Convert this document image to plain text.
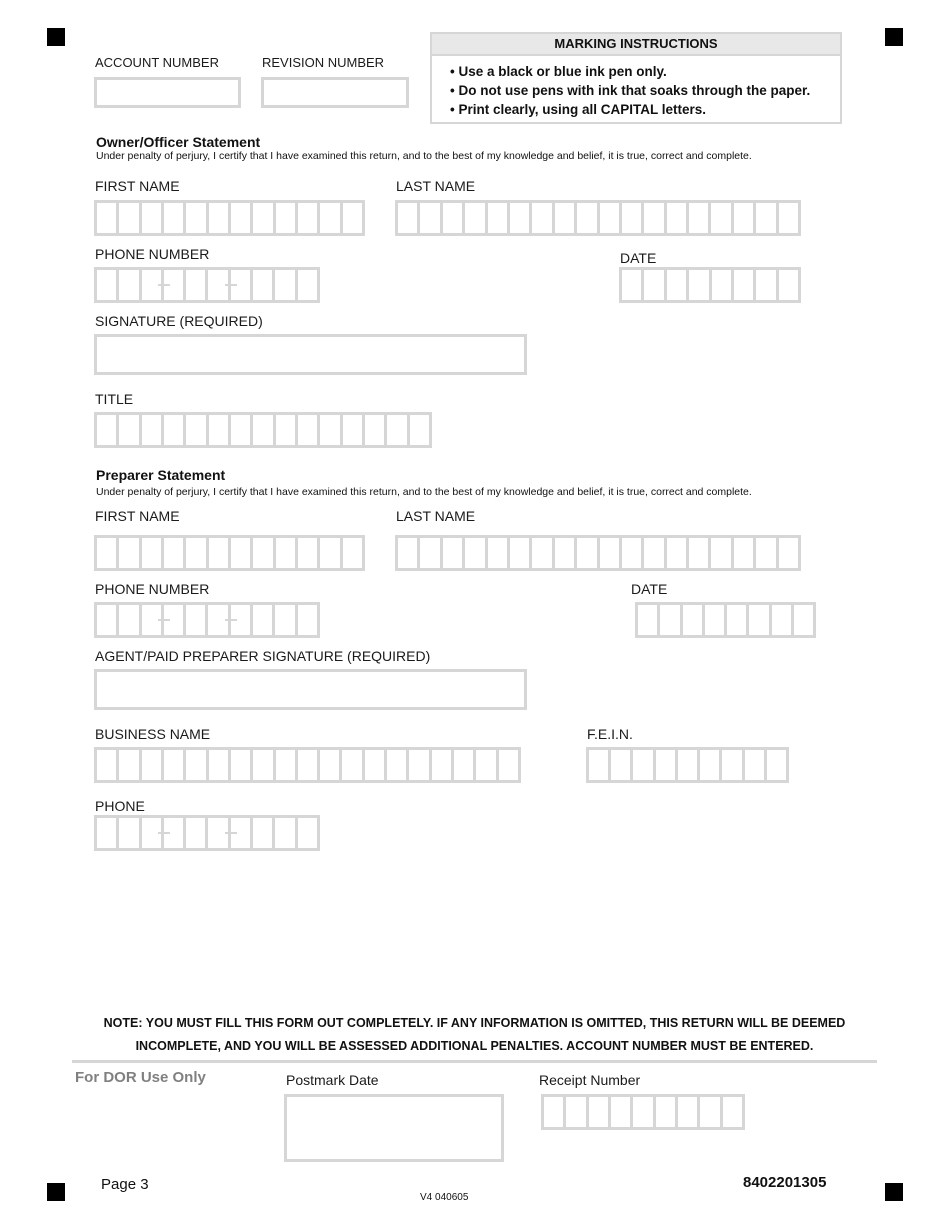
ACCOUNT NUMBER	REVISION NUMBER
MARKING INSTRUCTIONS
• Use a black or blue ink pen only.
• Do not use pens with ink that soaks through the paper.
• Print clearly, using all CAPITAL letters.
Owner/Officer Statement
Under penalty of perjury, I certify that I have examined this return, and to the best of my knowledge and belief, it is true, correct and complete.
FIRST NAME	LAST NAME
PHONE NUMBER	DATE
SIGNATURE (REQUIRED)
TITLE
Preparer Statement
Under penalty of perjury, I certify that I have examined this return, and to the best of my knowledge and belief, it is true, correct and complete.
FIRST NAME	LAST NAME
PHONE NUMBER	DATE
AGENT/PAID PREPARER SIGNATURE (REQUIRED)
BUSINESS NAME	F.E.I.N.
PHONE
NOTE: YOU MUST FILL THIS FORM OUT COMPLETELY. IF ANY INFORMATION IS OMITTED, THIS RETURN WILL BE DEEMED
INCOMPLETE, AND YOU WILL BE ASSESSED ADDITIONAL PENALTIES. ACCOUNT NUMBER MUST BE ENTERED.
For DOR Use Only	Postmark Date	Receipt Number
Page 3
V4 040605
8402201305
